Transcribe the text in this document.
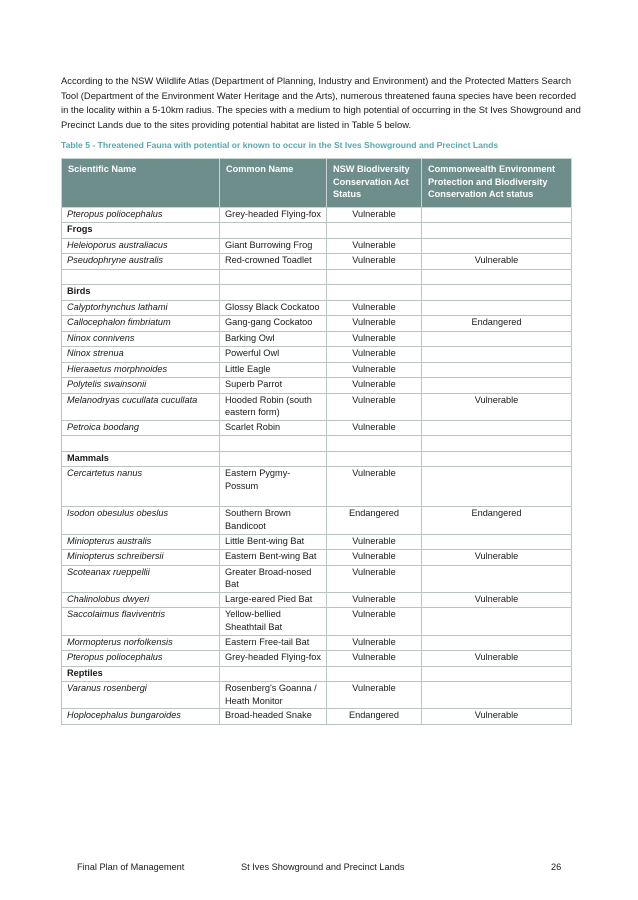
According to the NSW Wildlife Atlas (Department of Planning, Industry and Environment) and the Protected Matters Search Tool (Department of the Environment Water Heritage and the Arts), numerous threatened fauna species have been recorded in the locality within a 5-10km radius. The species with a medium to high potential of occurring in the St Ives Showground and Precinct Lands due to the sites providing potential habitat are listed in Table 5 below.

Table 5 - Threatened Fauna with potential or known to occur in the St Ives Showground and Precinct Lands

Scientific Name	Common Name	NSW Biodiversity Conservation Act Status	Commonwealth Environment Protection and Biodiversity Conservation Act status
Pteropus poliocephalus	Grey-headed Flying-fox	Vulnerable	
Frogs			
Heleioporus australiacus	Giant Burrowing Frog	Vulnerable	
Pseudophryne australis	Red-crowned Toadlet	Vulnerable	Vulnerable

Birds			
Calyptorhynchus lathami	Glossy Black Cockatoo	Vulnerable	
Callocephalon fimbriatum	Gang-gang Cockatoo	Vulnerable	Endangered
Ninox connivens	Barking Owl	Vulnerable	
Ninox strenua	Powerful Owl	Vulnerable	
Hieraaetus morphnoides	Little Eagle	Vulnerable	
Polytelis swainsonii	Superb Parrot	Vulnerable	
Melanodryas cucullata cucullata	Hooded Robin (south eastern form)	Vulnerable	Vulnerable
Petroica boodang	Scarlet Robin	Vulnerable	

Mammals			
Cercartetus nanus	Eastern Pygmy-Possum	Vulnerable	
Isodon obesulus obeslus	Southern Brown Bandicoot	Endangered	Endangered
Miniopterus australis	Little Bent-wing Bat	Vulnerable	
Miniopterus schreibersii	Eastern Bent-wing Bat	Vulnerable	Vulnerable
Scoteanax rueppellii	Greater Broad-nosed Bat	Vulnerable	
Chalinolobus dwyeri	Large-eared Pied Bat	Vulnerable	Vulnerable
Saccolaimus flaviventris	Yellow-bellied Sheathtail Bat	Vulnerable	
Mormopterus norfolkensis	Eastern Free-tail Bat	Vulnerable	
Pteropus poliocephalus	Grey-headed Flying-fox	Vulnerable	Vulnerable
Reptiles			
Varanus rosenbergi	Rosenberg's Goanna / Heath Monitor	Vulnerable	
Hoplocephalus bungaroides	Broad-headed Snake	Endangered	Vulnerable
Final Plan of Management	St Ives Showground and Precinct Lands	26
